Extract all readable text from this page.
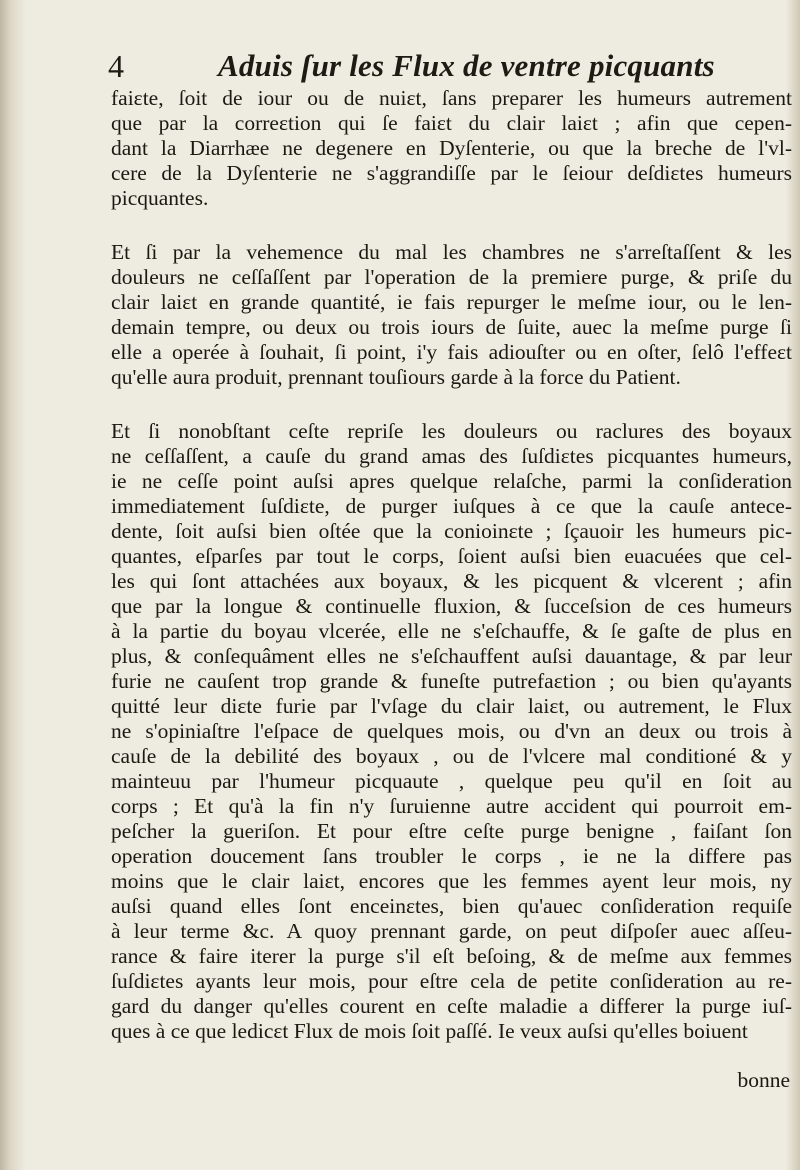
4	Aduis ſur les Flux de ventre picquants
faiɛte, ſoit de iour ou de nuiɛt, ſans preparer les humeurs autrement
que par la correɛtion qui ſe faiɛt du clair laiɛt ; afin que cepen-
dant la Diarrhæe ne degenere en Dyſenterie, ou que la breche de l'vl-
cere de la Dyſenterie ne s'aggrandiſſe par le ſeiour deſdiɛtes humeurs
picquantes.
Et ſi par la vehemence du mal les chambres ne s'arreſtaſſent & les
douleurs ne ceſſaſſent par l'operation de la premiere purge, & priſe du
clair laiɛt en grande quantité, ie fais repurger le meſme iour, ou le len-
demain tempre, ou deux ou trois iours de ſuite, auec la meſme purge ſi
elle a operée à ſouhait, ſi point, i'y fais adiouſter ou en oſter, ſelô l'effeɛt
qu'elle aura produit, prennant touſiours garde à la force du Patient.
Et ſi nonobſtant ceſte repriſe les douleurs ou raclures des boyaux
ne ceſſaſſent, a cauſe du grand amas des ſuſdiɛtes picquantes humeurs,
ie ne ceſſe point auſsi apres quelque relaſche, parmi la conſideration
immediatement ſuſdiɛte, de purger iuſques à ce que la cauſe antece-
dente, ſoit auſsi bien oſtée que la conioinɛte ; ſçauoir les humeurs pic-
quantes, eſparſes par tout le corps, ſoient auſsi bien euacuées que cel-
les qui ſont attachées aux boyaux, & les picquent & vlcerent ; afin
que par la longue & continuelle fluxion, & ſucceſsion de ces humeurs
à la partie du boyau vlcerée, elle ne s'eſchauffe, & ſe gaſte de plus en
plus, & conſequâment elles ne s'eſchauffent auſsi dauantage, & par leur
furie ne cauſent trop grande & funeſte putrefaɛtion ; ou bien qu'ayants
quitté leur diɛte furie par l'vſage du clair laiɛt, ou autrement, le Flux
ne s'opiniaſtre l'eſpace de quelques mois, ou d'vn an deux ou trois à
cauſe de la debilité des boyaux , ou de l'vlcere mal conditioné & y
mainteuu par l'humeur picquaute , quelque peu qu'il en ſoit au
corps ; Et qu'à la fin n'y ſuruienne autre accident qui pourroit em-
peſcher la gueriſon. Et pour eſtre ceſte purge benigne , faiſant ſon
operation doucement ſans troubler le corps , ie ne la differe pas
moins que le clair laiɛt, encores que les femmes ayent leur mois, ny
auſsi quand elles ſont enceinɛtes, bien qu'auec conſideration requiſe
à leur terme &c. A quoy prennant garde, on peut diſpoſer auec aſſeu-
rance & faire iterer la purge s'il eſt beſoing, & de meſme aux femmes
ſuſdiɛtes ayants leur mois, pour eſtre cela de petite conſideration au re-
gard du danger qu'elles courent en ceſte maladie a differer la purge iuſ-
ques à ce que ledicɛt Flux de mois ſoit paſſé. Ie veux auſsi qu'elles boiuent
bonne
